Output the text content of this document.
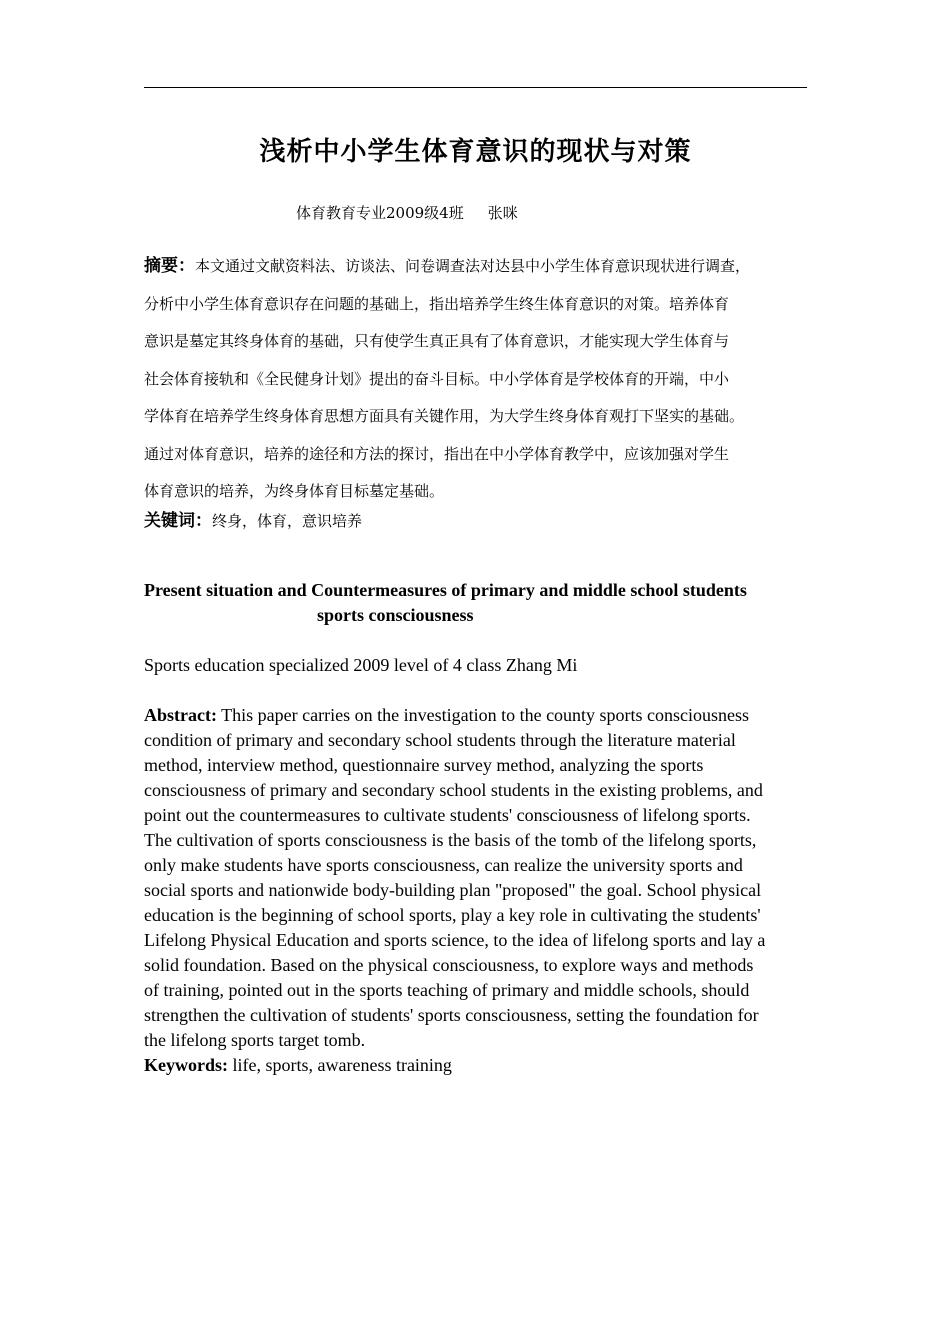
浅析中小学生体育意识的现状与对策
体育教育专业2009级4班 张咪
摘要：本文通过文献资料法、访谈法、问卷调查法对达县中小学生体育意识现状进行调查，
分析中小学生体育意识存在问题的基础上，指出培养学生终生体育意识的对策。培养体育
意识是墓定其终身体育的基础，只有使学生真正具有了体育意识，才能实现大学生体育与
社会体育接轨和《全民健身计划》提出的奋斗目标。中小学体育是学校体育的开端，中小
学体育在培养学生终身体育思想方面具有关键作用，为大学生终身体育观打下坚实的基础。
通过对体育意识，培养的途径和方法的探讨，指出在中小学体育教学中，应该加强对学生
体育意识的培养，为终身体育目标墓定基础。
关键词：终身，体育，意识培养
Present situation and Countermeasures of primary and middle school students
sports consciousness
Sports education specialized 2009 level of 4 class Zhang Mi
Abstract: This paper carries on the investigation to the county sports consciousness
condition of primary and secondary school students through the literature material
method, interview method, questionnaire survey method, analyzing the sports
consciousness of primary and secondary school students in the existing problems, and
point out the countermeasures to cultivate students' consciousness of lifelong sports.
The cultivation of sports consciousness is the basis of the tomb of the lifelong sports,
only make students have sports consciousness, can realize the university sports and
social sports and nationwide body-building plan "proposed" the goal. School physical
education is the beginning of school sports, play a key role in cultivating the students'
Lifelong Physical Education and sports science, to the idea of lifelong sports and lay a
solid foundation. Based on the physical consciousness, to explore ways and methods
of training, pointed out in the sports teaching of primary and middle schools, should
strengthen the cultivation of students' sports consciousness, setting the foundation for
the lifelong sports target tomb.
Keywords: life, sports, awareness training
